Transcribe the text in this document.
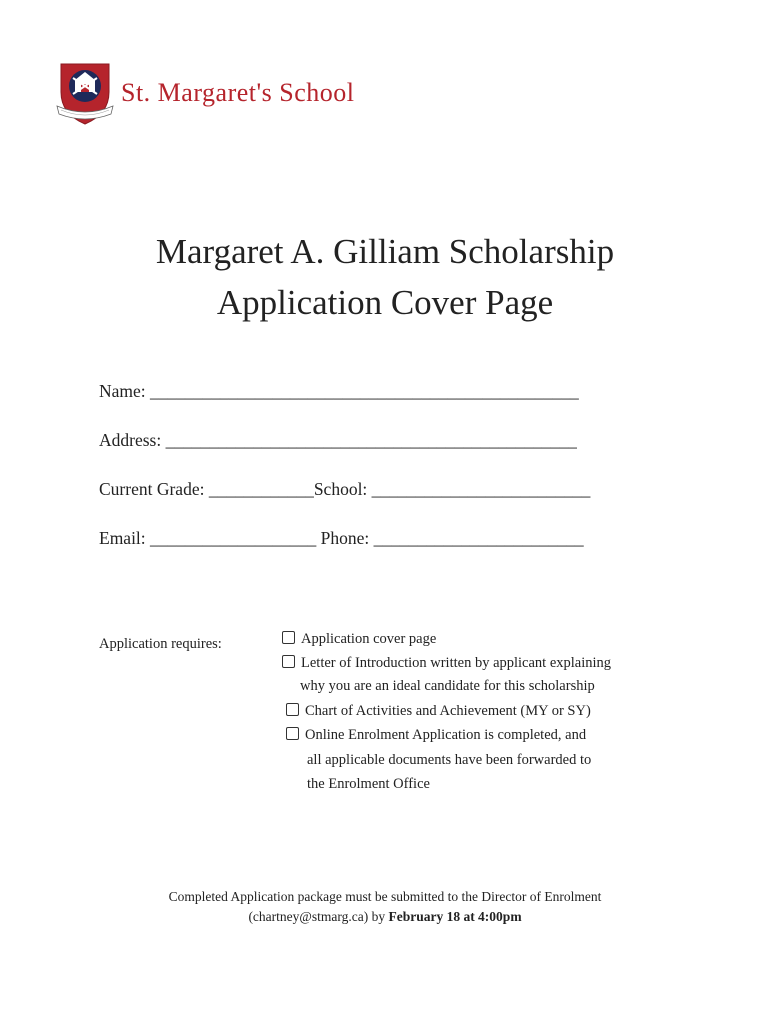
St. Margaret's School
Margaret A. Gilliam Scholarship
Application Cover Page
Name: _________________________________________________
Address: _______________________________________________
Current Grade: ____________School: _________________________
Email: ___________________ Phone: ________________________
Application requires:	Application cover page
Letter of Introduction written by applicant explaining
why you are an ideal candidate for this scholarship
Chart of Activities and Achievement (MY or SY)
Online Enrolment Application is completed, and
all applicable documents have been forwarded to
the Enrolment Office
Completed Application package must be submitted to the Director of Enrolment
(chartney@stmarg.ca) by February 18 at 4:00pm
